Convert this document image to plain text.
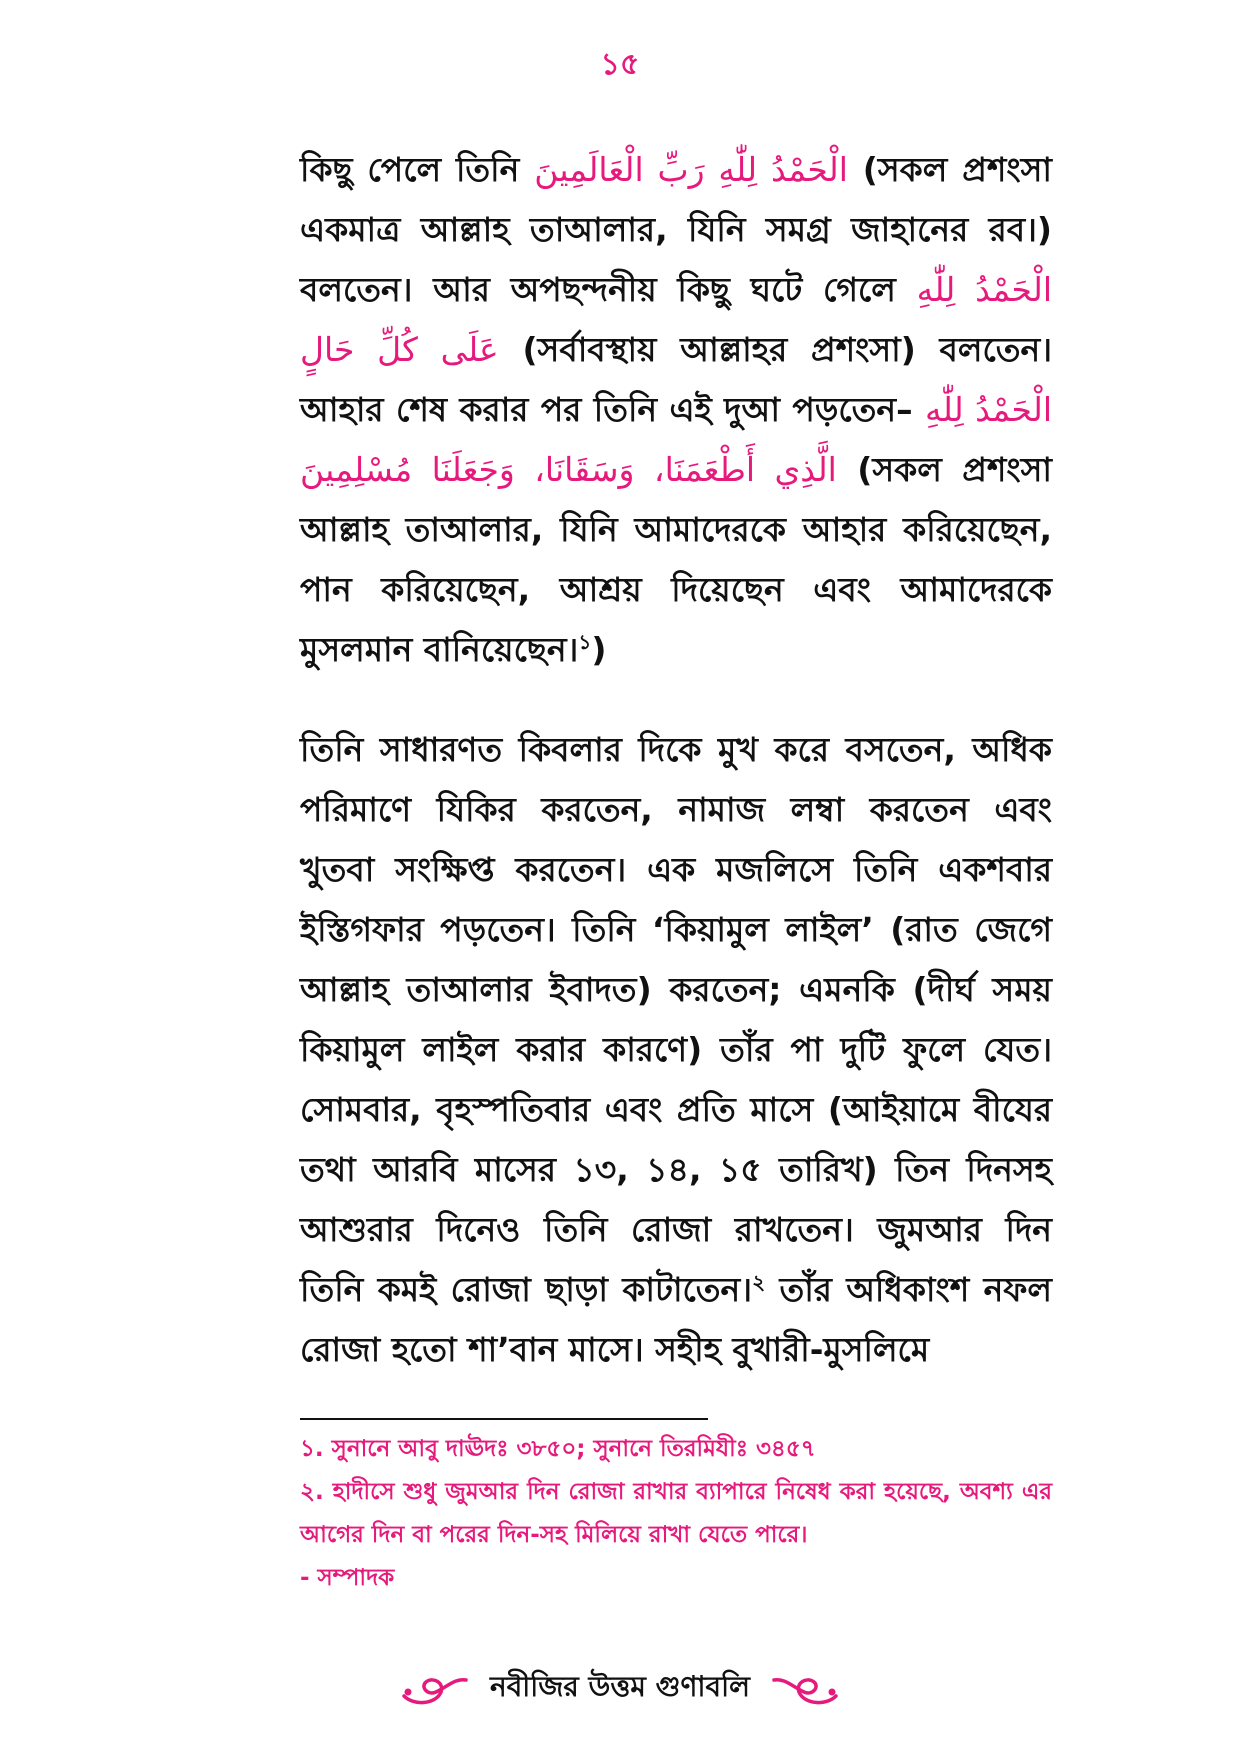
১৫

কিছু পেলে তিনি الْحَمْدُ لِلّٰهِ رَبِّ الْعَالَمِينَ (সকল প্রশংসা একমাত্র আল্লাহ তাআলার, যিনি সমগ্র জাহানের রব।) বলতেন। আর অপছন্দনীয় কিছু ঘটে গেলে الْحَمْدُ لِلّٰهِ عَلَى كُلِّ حَالٍ (সর্বাবস্থায় আল্লাহর প্রশংসা) বলতেন। আহার শেষ করার পর তিনি এই দুআ পড়তেন– الْحَمْدُ لِلّٰهِ الَّذِي أَطْعَمَنَا، وَسَقَانَا، وَجَعَلَنَا مُسْلِمِينَ (সকল প্রশংসা আল্লাহ তাআলার, যিনি আমাদেরকে আহার করিয়েছেন, পান করিয়েছেন, আশ্রয় দিয়েছেন এবং আমাদেরকে মুসলমান বানিয়েছেন।$^১$)

তিনি সাধারণত কিবলার দিকে মুখ করে বসতেন, অধিক পরিমাণে যিকির করতেন, নামাজ লম্বা করতেন এবং খুতবা সংক্ষিপ্ত করতেন। এক মজলিসে তিনি একশবার ইস্তিগফার পড়তেন। তিনি ‘কিয়ামুল লাইল’ (রাত জেগে আল্লাহ তাআলার ইবাদত) করতেন; এমনকি (দীর্ঘ সময় কিয়ামুল লাইল করার কারণে) তাঁর পা দুটি ফুলে যেত। সোমবার, বৃহস্পতিবার এবং প্রতি মাসে (আইয়ামে বীযের তথা আরবি মাসের ১৩, ১৪, ১৫ তারিখ) তিন দিনসহ আশুরার দিনেও তিনি রোজা রাখতেন। জুমআর দিন তিনি কমই রোজা ছাড়া কাটাতেন।$^২$ তাঁর অধিকাংশ নফল রোজা হতো শা’বান মাসে। সহীহ বুখারী-মুসলিমে

১. সুনানে আবু দাঊদঃ ৩৮৫০; সুনানে তিরমিযীঃ ৩৪৫৭
২. হাদীসে শুধু জুমআর দিন রোজা রাখার ব্যাপারে নিষেধ করা হয়েছে, অবশ্য এর আগের দিন বা পরের দিন-সহ মিলিয়ে রাখা যেতে পারে।
- সম্পাদক
নবীজির উত্তম গুণাবলি
